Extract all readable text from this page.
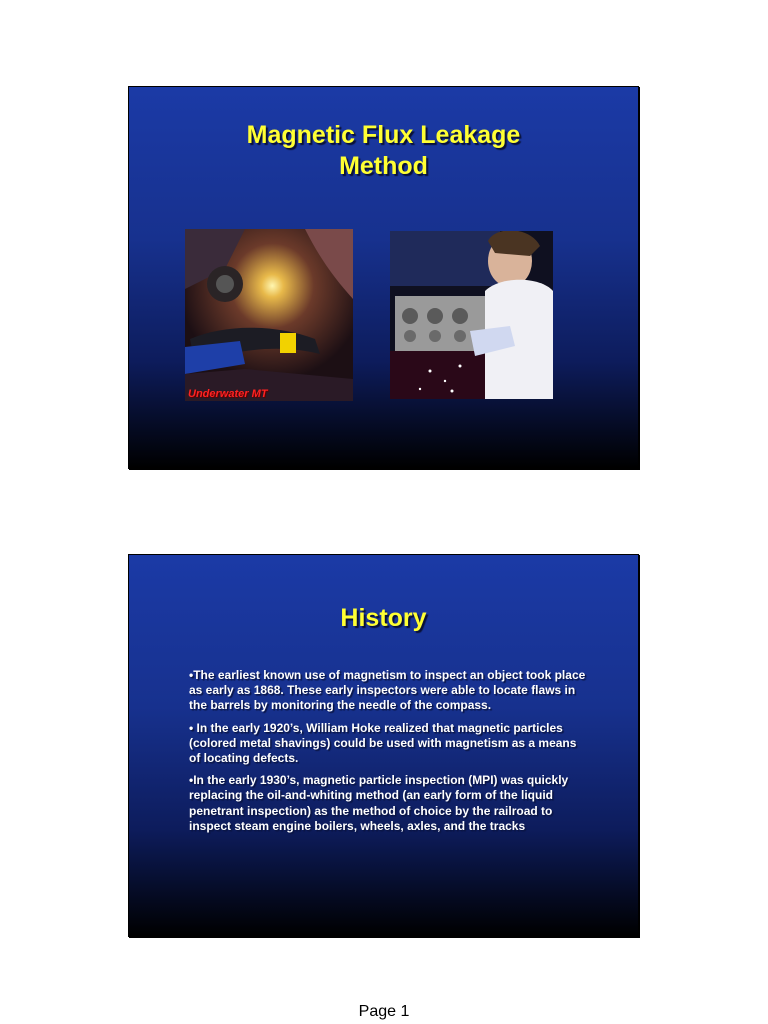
Magnetic Flux Leakage
Method
Underwater MT
History

•The earliest known use of magnetism to inspect an object took place as early as 1868. These early inspectors were able to locate flaws in the barrels by monitoring the needle of the compass.

• In the early 1920’s, William Hoke realized that magnetic particles (colored metal shavings) could be used with magnetism as a means of locating defects.

•In the early 1930’s, magnetic particle inspection (MPI) was quickly replacing the oil-and-whiting method (an early form of the liquid penetrant inspection) as the method of choice by the railroad to inspect steam engine boilers, wheels, axles, and the tracks

Page 1
